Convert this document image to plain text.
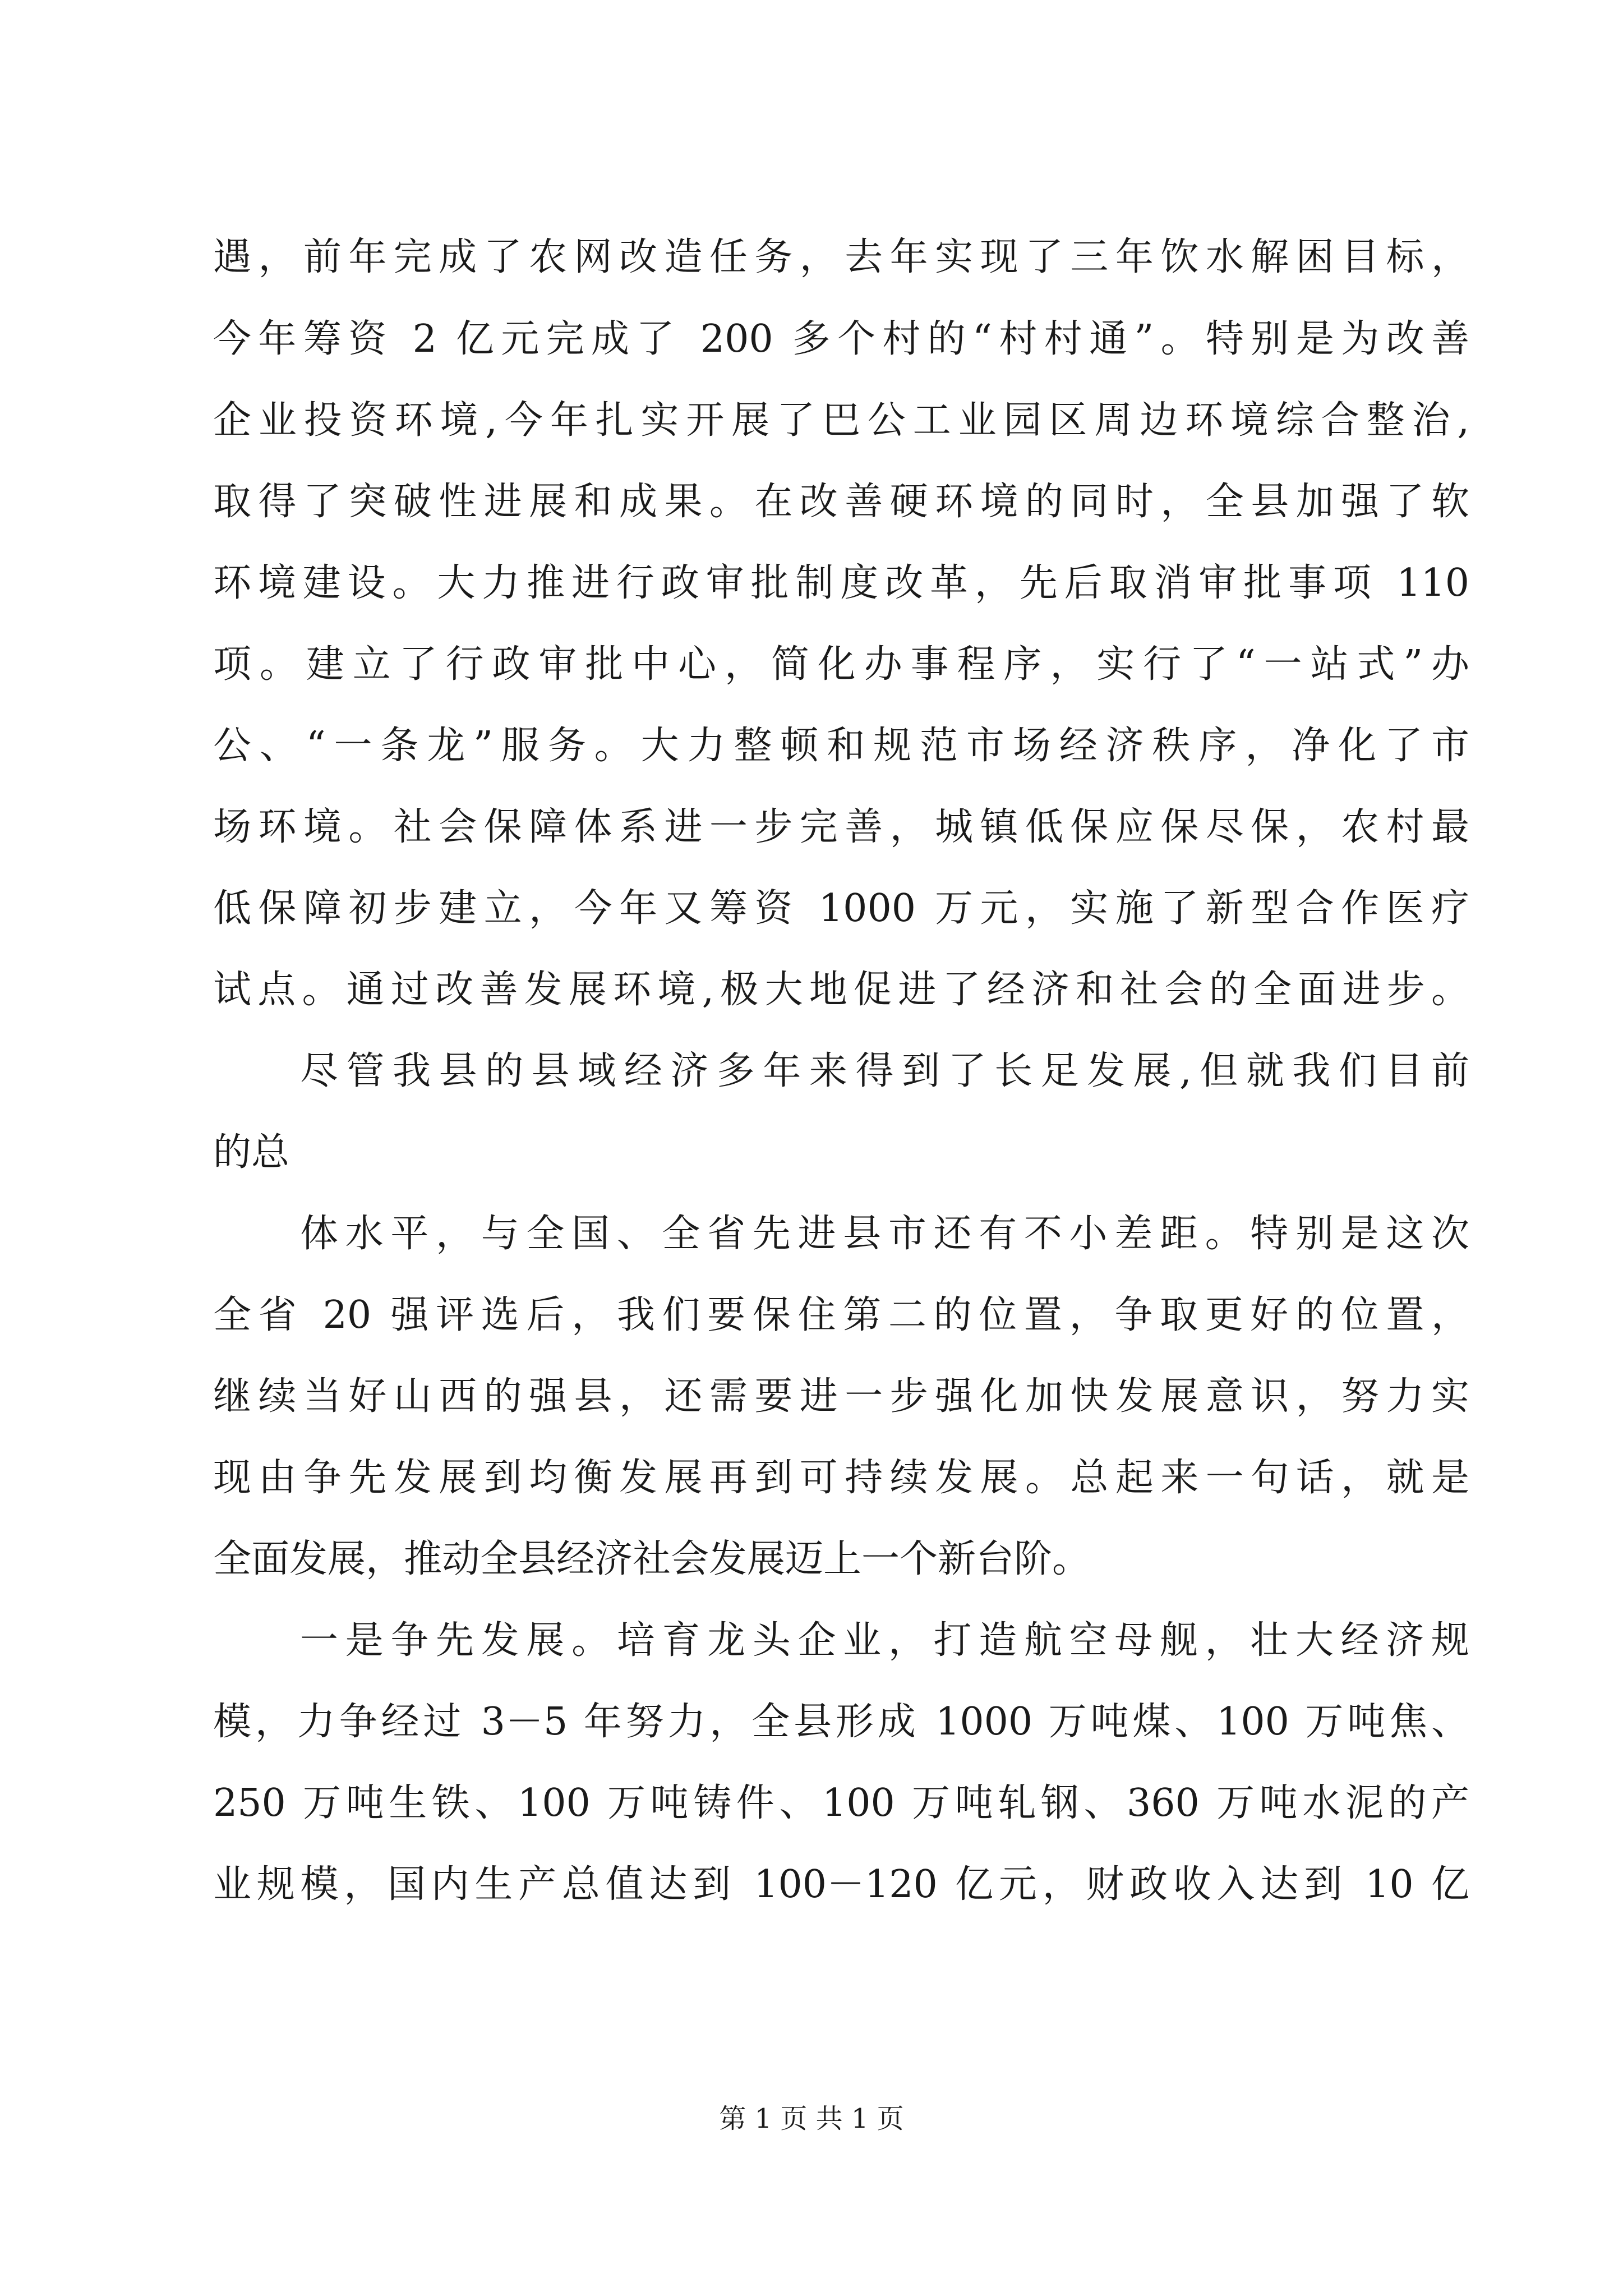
遇，前年完成了农网改造任务，去年实现了三年饮水解困目标，
今年筹资 2 亿元完成了 200 多个村的“村村通”。特别是为改善
企业投资环境,今年扎实开展了巴公工业园区周边环境综合整治,
取得了突破性进展和成果。在改善硬环境的同时，全县加强了软
环境建设。大力推进行政审批制度改革，先后取消审批事项 110
项。建立了行政审批中心，简化办事程序，实行了“一站式”办
公、“一条龙”服务。大力整顿和规范市场经济秩序，净化了市
场环境。社会保障体系进一步完善，城镇低保应保尽保，农村最
低保障初步建立，今年又筹资 1000 万元，实施了新型合作医疗
试点。通过改善发展环境,极大地促进了经济和社会的全面进步。
尽管我县的县域经济多年来得到了长足发展,但就我们目前
的总
体水平，与全国、全省先进县市还有不小差距。特别是这次
全省 20 强评选后，我们要保住第二的位置，争取更好的位置，
继续当好山西的强县，还需要进一步强化加快发展意识，努力实
现由争先发展到均衡发展再到可持续发展。总起来一句话，就是
全面发展，推动全县经济社会发展迈上一个新台阶。
一是争先发展。培育龙头企业，打造航空母舰，壮大经济规
模，力争经过 3－5 年努力，全县形成 1000 万吨煤、100 万吨焦、
250 万吨生铁、100 万吨铸件、100 万吨轧钢、360 万吨水泥的产
业规模，国内生产总值达到 100－120 亿元，财政收入达到 10 亿
第 1 页 共 1 页
